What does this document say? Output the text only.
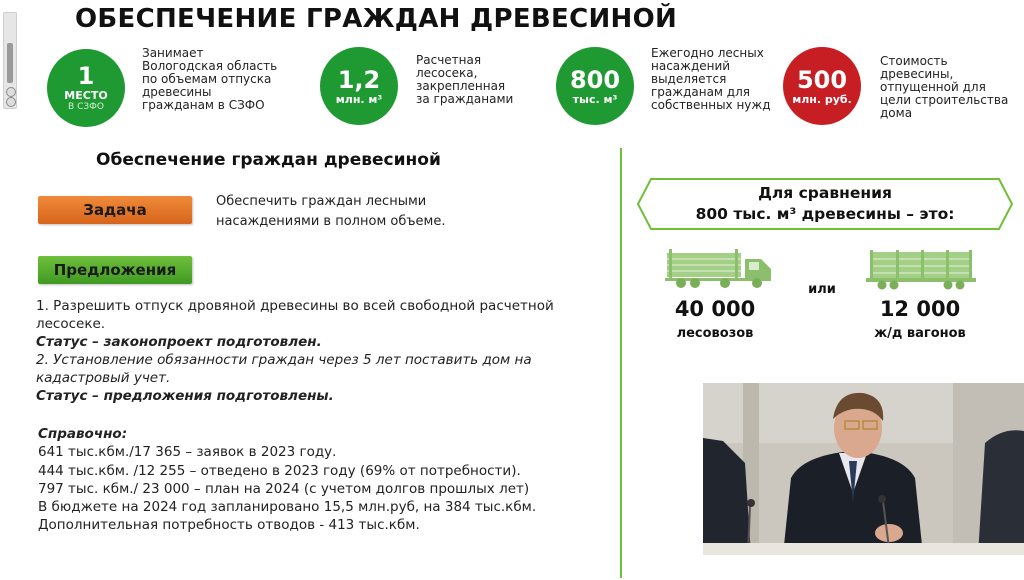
ОБЕСПЕЧЕНИЕ ГРАЖДАН ДРЕВЕСИНОЙ
1
МЕСТО
В СЗФО
Занимает Вологодская область по объемам отпуска древесины гражданам в СЗФО
1,2
млн. м³
Расчетная лесосека, закрепленная за гражданами
800
тыс. м³
Ежегодно лесных насаждений выделяется гражданам для собственных нужд
500
млн. руб.
Стоимость древесины, отпущенной для цели строительства дома
Обеспечение граждан древесиной
Задача	Обеспечить граждан лесными насаждениями в полном объеме.
Предложения
1. Разрешить отпуск дровяной древесины во всей свободной расчетной лесосеке.
Статус – законопроект подготовлен.
2. Установление обязанности граждан через 5 лет поставить дом на кадастровый учет.
Статус – предложения подготовлены.
Справочно:
641 тыс.кбм./17 365 – заявок в 2023 году.
444 тыс.кбм. /12 255 – отведено в 2023 году (69% от потребности).
797 тыс. кбм./ 23 000 – план на 2024 (с учетом долгов прошлых лет)
В бюджете на 2024 год запланировано 15,5 млн.руб, на 384 тыс.кбм.
Дополнительная потребность отводов - 413 тыс.кбм.
Для сравнения
800 тыс. м³ древесины – это:
или
40 000
лесовозов
12 000
ж/д вагонов
